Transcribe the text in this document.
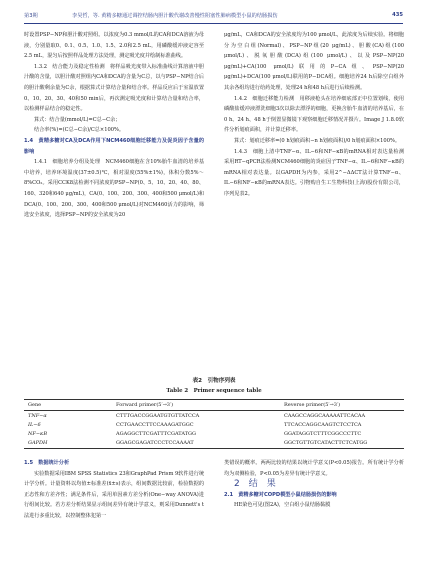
第3期	李昊哲，等. 黄精多糖通过调控结肠内胆汁酸代谢改善慢性阻塞性肺病模型小鼠的结肠损伤	435

时设置PSP−NP和胆汁酸对照组。以浓度为0.3 mmol/L的CA和DCA溶液为母液，分别量取0、0.1、0.5、1.0、1.5、2.0和2.5 mL，用磷酸缓冲液定容至2.5 mL，混匀后按照样品处理方法处理，测定吸光度并绘制标准曲线。

1.3.2　结合能力及稳定性检测　将样品吸光度带入标准曲线计算溶液中胆汁酸的含量，以胆汁酸对照组内CA和DCA的含量为C总，以与PSP−NP结合后的胆汁酸剩余量为C余，根据算式计算结合量和结合率。样品反应后于室温放置0、10、20、30、40和50 min后，再次测定吸光度和计算结合量和结合率，以检测样品结合的稳定性。

算式：结合量(mmol/L)=C总−C余；

结合率(%)=(C总−C余)/C总×100%。

1.4　黄精多糖对CA及DCA作用下NCM460细胞迁移能力及促炎因子含量的影响

1.4.1　细胞培养分组及处理　NCM460细胞在含10%胎牛血清的培养基中培养，培养环境温度(37±0.5)℃，相对湿度(55%±1%)，体积分数5%～8%CO₂。采用CCK8法检测不同浓度的PSP−NP(0、5、10、20、40、80、160、320和640 μg/mL)，CA(0、100、200、300、400和500 μmol/L)和DCA(0、100、200、300、400和500 μmol/L)对NCM460活力的影响，筛选安全浓度，选择PSP−NP的安全浓度为20

μg/mL，CA和DCA的安全浓度均为100 μmol/L，此浓度为后续实验。将细胞分为空白组(Normal)、PSP−NP组(20 μg/mL)、胆酸(CA)组(100 μmol/L)、脱氧胆酸(DCA)组(100 μmol/L)、以及PSP−NP(20 μg/mL)+CA(100 μmol/L)联用的P−CA组、PSP−NP(20 μg/mL)+DCA(100 μmol/L)联用的P−DCA组。细胞培养24 h后除空白组外其余各组均进行给药处理，处理24 h和48 h后进行后续检测。

1.4.2　细胞迁移能力检测　用移液枪头在培养细底部正中位置划线，使用磷酸盐缓冲液漂洗细胞3次以除去漂浮的细胞，更换含胎牛血清的培养基后，在0 h、24 h、48 h于倒置显微镜下观察细胞迁移情况并摄片。Image J 1.8.0软件分析划痕面积，并计算迁移率。

算式：划痕迁移率=(0 h划痕面积−n h划痕面积)/0 h划痕面积×100%。

1.4.3　细胞上清中TNF−α、IL−6和NF−κB的mRNA相对表达量检测　采用RT−qPCR法检测NCM460细胞的炎症因子TNF−α、IL−6和NF−κB的mRNA相对表达量。以GAPDH为内参，采用2^−ΔΔCT法计算TNF−α、IL−6和NF−κB的mRNA表达。引物购自生工生物科技(上海)股份有限公司，序列见表2。

表2　引物序列表

Table 2　Primer sequence table

Gene	Forward primer(5′→3′)	Reverse primer(5′→3′)
TNF−α	CTTTGACCGGAATGTGTTATCCA	CAAGCCAGGCAAAAATTCACAA
IL−6	CCTGAACCTTCCAAAGATGGC	TTCACCAGGCAAGTCTCCTCA
NF−κB	AGAGGCTTCGATTTCGATATGG	GGATAGGTCTTTCGGCCCTTC
GAPDH	GGAGCGAGATCCCTCCAAAAT	GGCTGTTGTCATACTTCTCATGG

1.5　数据统计分析

实验数据采用IBM SPSS Statistics 23和GraphPad Prism 9软件进行统计学分析。计量资料以均值±标准差(x̄±s)表示，组间数据比较前，检验数据的正态性和方差齐性；满足条件后，采用单因素方差分析(One−way ANOVA)进行组间比较。若方差分析结果显示组间差异有统计学意义，则采用Dunnett's t法进行多重比较，以控制整体犯第一

类错误的概率。两两比较的结果以统计学意义(P<0.05)报告。所有统计学分析均为双侧检验，P<0.05为差异有统计学意义。

2　结　果

2.1　黄精多糖对COPD模型小鼠结肠损伤的影响

HE染色可见(图2A)，空白组小鼠结肠黏膜
